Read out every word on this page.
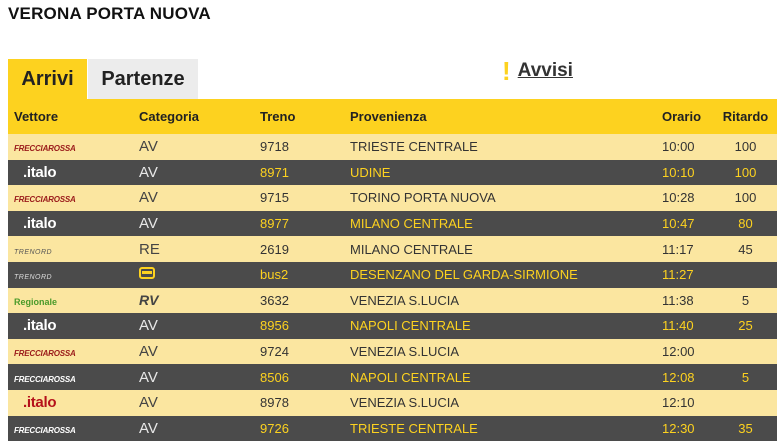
VERONA PORTA NUOVA
Arrivi	Partenze	! Avvisi
Vettore	Categoria	Treno	Provenienza	Orario	Ritardo
FRECCIAROSSA	AV	9718	TRIESTE CENTRALE	10:00	100
.italo	AV	8971	UDINE	10:10	100
FRECCIAROSSA	AV	9715	TORINO PORTA NUOVA	10:28	100
.italo	AV	8977	MILANO CENTRALE	10:47	80
TRENORD	RE	2619	MILANO CENTRALE	11:17	45
TRENORD		bus2	DESENZANO DEL GARDA-SIRMIONE	11:27	
Regionale	RV	3632	VENEZIA S.LUCIA	11:38	5
.italo	AV	8956	NAPOLI CENTRALE	11:40	25
FRECCIAROSSA	AV	9724	VENEZIA S.LUCIA	12:00	
FRECCIAROSSA	AV	8506	NAPOLI CENTRALE	12:08	5
.italo	AV	8978	VENEZIA S.LUCIA	12:10	
FRECCIAROSSA	AV	9726	TRIESTE CENTRALE	12:30	35
